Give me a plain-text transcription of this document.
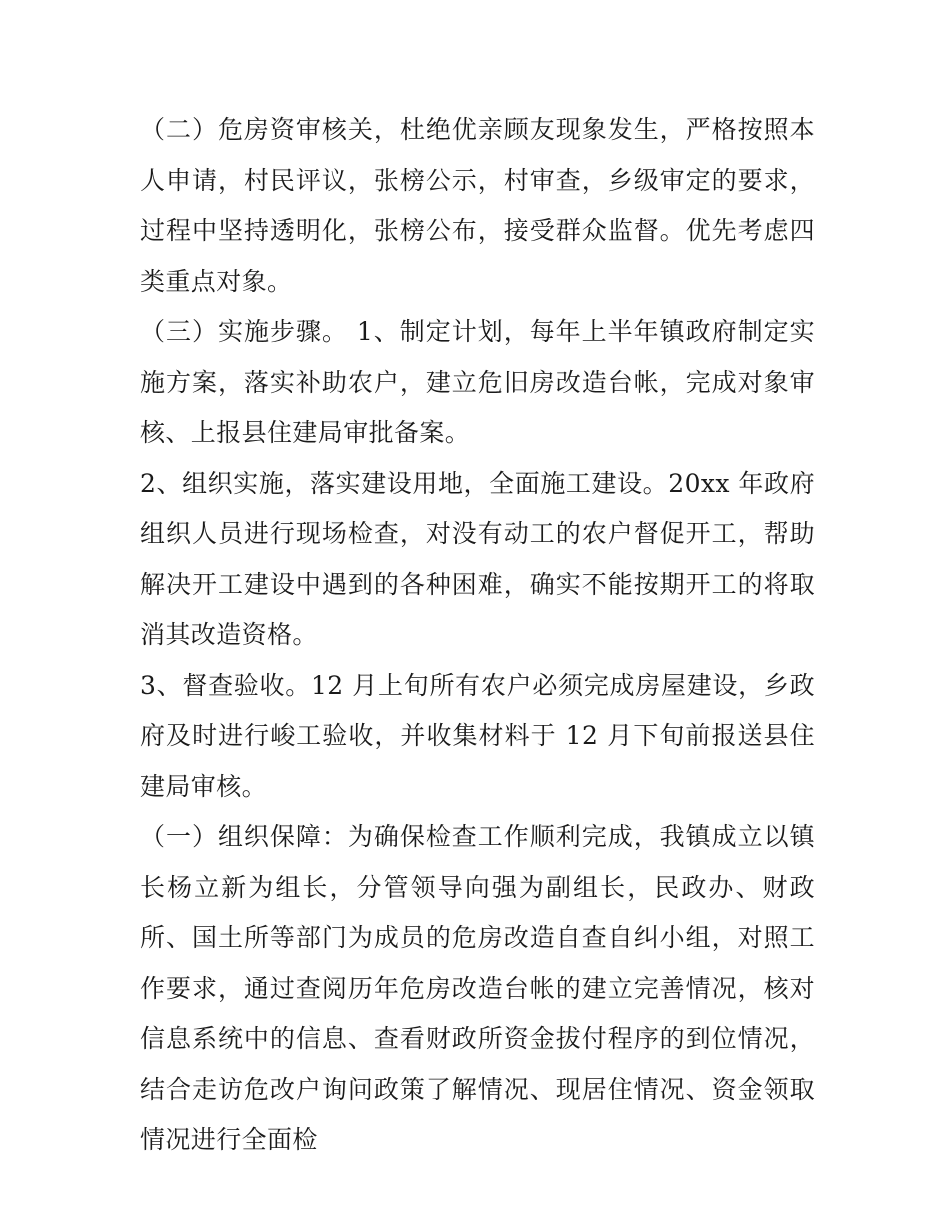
（二）危房资审核关，杜绝优亲顾友现象发生，严格按照本人申请，村民评议，张榜公示，村审查，乡级审定的要求，过程中坚持透明化，张榜公布，接受群众监督。优先考虑四类重点对象。

（三）实施步骤。 1、制定计划，每年上半年镇政府制定实施方案，落实补助农户，建立危旧房改造台帐，完成对象审核、上报县住建局审批备案。

2、组织实施，落实建设用地，全面施工建设。20xx 年政府组织人员进行现场检查，对没有动工的农户督促开工，帮助解决开工建设中遇到的各种困难，确实不能按期开工的将取消其改造资格。

3、督查验收。12 月上旬所有农户必须完成房屋建设，乡政府及时进行峻工验收，并收集材料于 12 月下旬前报送县住建局审核。

（一）组织保障：为确保检查工作顺利完成，我镇成立以镇长杨立新为组长，分管领导向强为副组长，民政办、财政所、国土所等部门为成员的危房改造自查自纠小组，对照工作要求，通过查阅历年危房改造台帐的建立完善情况，核对信息系统中的信息、查看财政所资金拔付程序的到位情况，结合走访危改户询问政策了解情况、现居住情况、资金领取情况进行全面检
